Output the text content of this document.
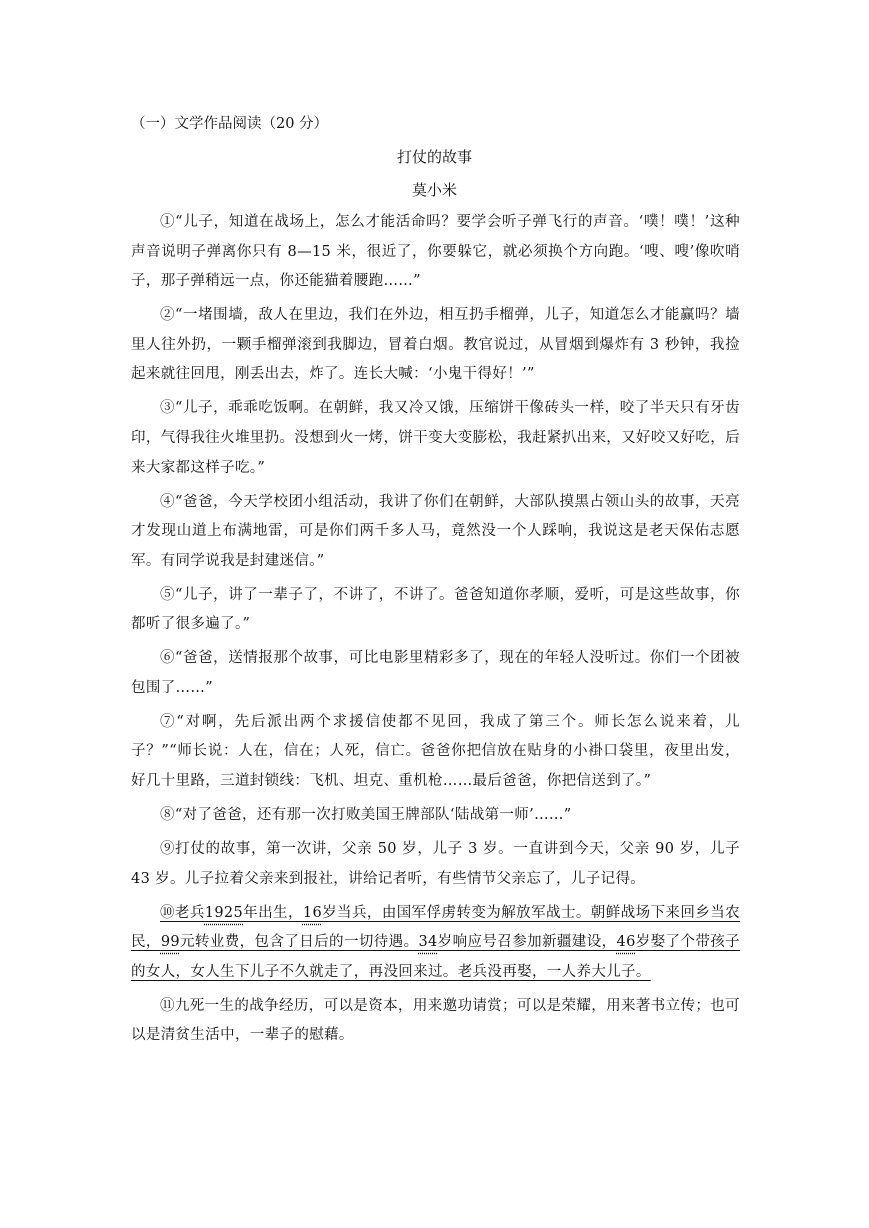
（一）文学作品阅读（20 分）
打仗的故事
莫小米

①“儿子，知道在战场上，怎么才能活命吗？要学会听子弹飞行的声音。‘噗！噗！’这种声音说明子弹离你只有 8—15 米，很近了，你要躲它，就必须换个方向跑。‘嗖、嗖’像吹哨子，那子弹稍远一点，你还能猫着腰跑……”

②“一堵围墙，敌人在里边，我们在外边，相互扔手榴弹，儿子，知道怎么才能赢吗？墙里人往外扔，一颗手榴弹滚到我脚边，冒着白烟。教官说过，从冒烟到爆炸有 3 秒钟，我捡起来就往回甩，刚丢出去，炸了。连长大喊：‘小鬼干得好！’”

③“儿子，乖乖吃饭啊。在朝鲜，我又冷又饿，压缩饼干像砖头一样，咬了半天只有牙齿印，气得我往火堆里扔。没想到火一烤，饼干变大变膨松，我赶紧扒出来，又好咬又好吃，后来大家都这样子吃。”

④“爸爸，今天学校团小组活动，我讲了你们在朝鲜，大部队摸黑占领山头的故事，天亮才发现山道上布满地雷，可是你们两千多人马，竟然没一个人踩响，我说这是老天保佑志愿军。有同学说我是封建迷信。”

⑤“儿子，讲了一辈子了，不讲了，不讲了。爸爸知道你孝顺，爱听，可是这些故事，你都听了很多遍了。”

⑥“爸爸，送情报那个故事，可比电影里精彩多了，现在的年轻人没听过。你们一个团被包围了……”

⑦“对啊，先后派出两个求援信使都不见回，我成了第三个。师长怎么说来着，儿子？”“师长说：人在，信在；人死，信亡。爸爸你把信放在贴身的小褂口袋里，夜里出发，好几十里路，三道封锁线：飞机、坦克、重机枪……最后爸爸，你把信送到了。”

⑧“对了爸爸，还有那一次打败美国王牌部队‘陆战第一师’……”

⑨打仗的故事，第一次讲，父亲 50 岁，儿子 3 岁。一直讲到今天，父亲 90 岁，儿子 43 岁。儿子拉着父亲来到报社，讲给记者听，有些情节父亲忘了，儿子记得。

⑩老兵1925年出生，16岁当兵，由国军俘虏转变为解放军战士。朝鲜战场下来回乡当农民，99元转业费，包含了日后的一切待遇。34岁响应号召参加新疆建设，46岁娶了个带孩子的女人，女人生下儿子不久就走了，再没回来过。老兵没再娶，一人养大儿子。

⑪九死一生的战争经历，可以是资本，用来邀功请赏；可以是荣耀，用来著书立传；也可以是清贫生活中，一辈子的慰藉。
